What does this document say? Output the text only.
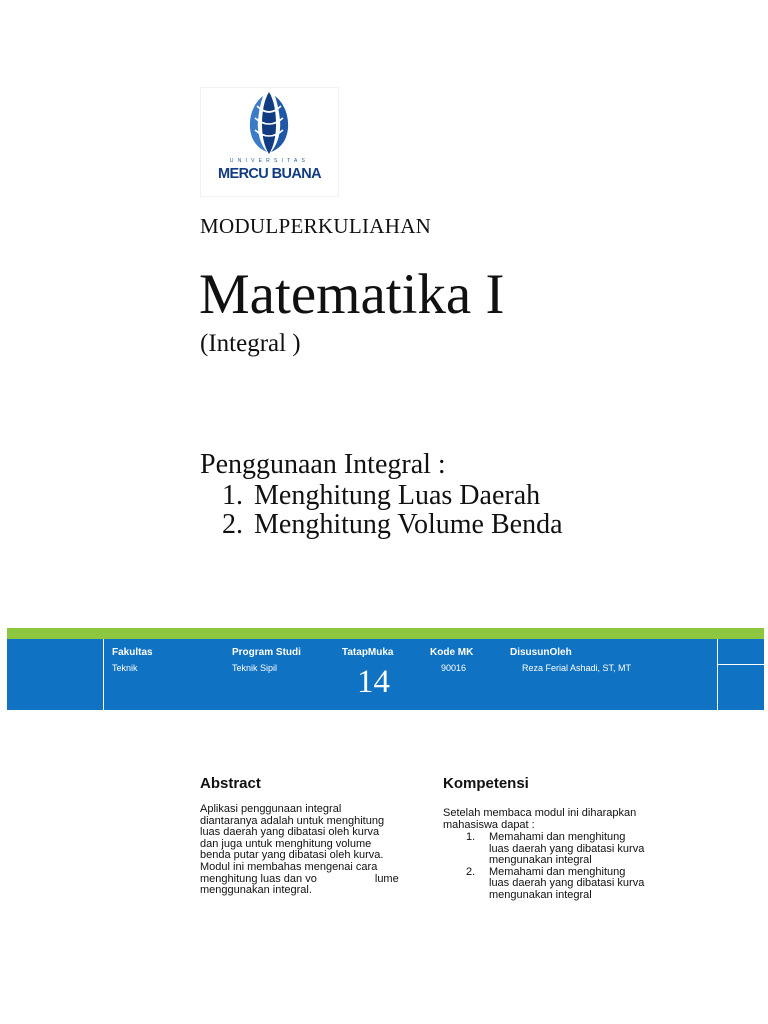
UNIVERSITAS
MERCU BUANA
MODULPERKULIAHAN
Matematika I
(Integral )
Penggunaan Integral :
1. Menghitung Luas Daerah
2. Menghitung Volume Benda
Fakultas
Teknik
Program Studi
Teknik Sipil
TatapMuka
14
Kode MK
90016
DisusunOleh
Reza Ferial Ashadi, ST, MT
Abstract
Aplikasi penggunaan integral
diantaranya adalah untuk menghitung
luas daerah yang dibatasi oleh kurva
dan juga untuk menghitung volume
benda putar yang dibatasi oleh kurva.
Modul ini membahas mengenai cara
menghitung luas dan vo                   lume
menggunakan integral.
Kompetensi
Setelah membaca modul ini diharapkan
mahasiswa dapat :
1. Memahami dan menghitung
luas daerah yang dibatasi kurva
mengunakan integral
2. Memahami dan menghitung
luas daerah yang dibatasi kurva
mengunakan integral
